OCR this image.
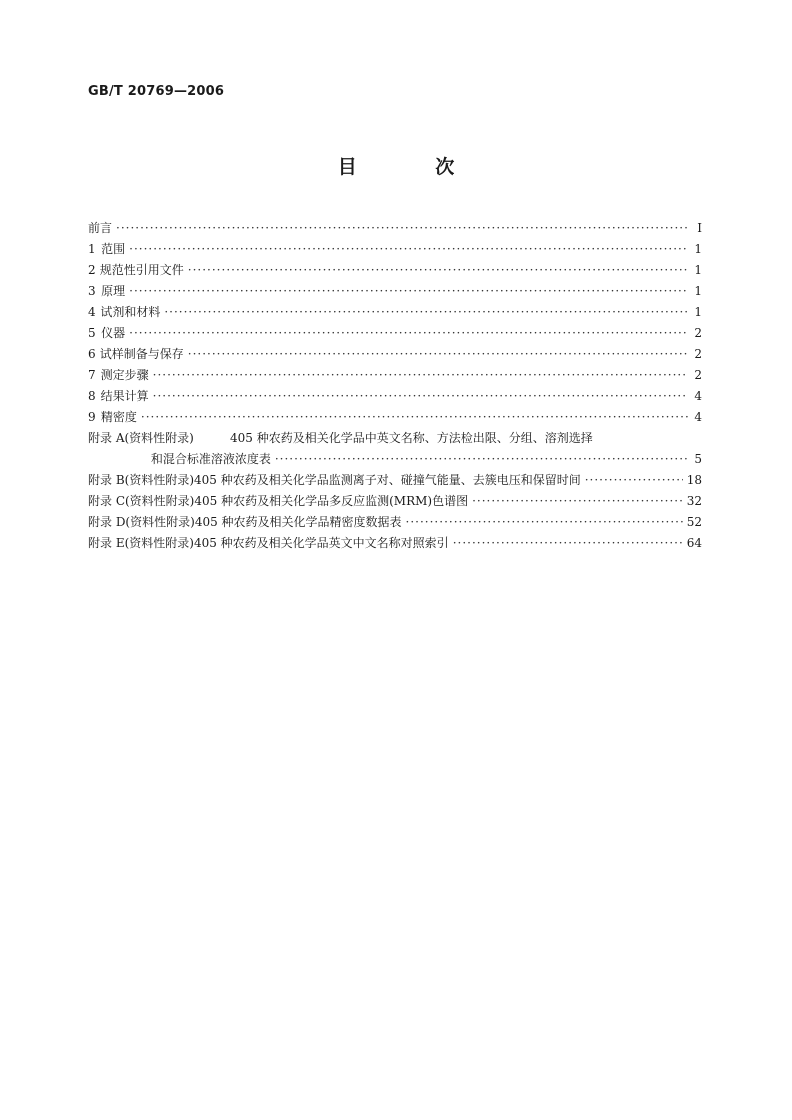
GB/T 20769—2006
目 次
前言 ·····	Ⅰ
1 范围 ·····	1
2 规范性引用文件 ·····	1
3 原理 ·····	1
4 试剂和材料 ·····	1
5 仪器 ·····	2
6 试样制备与保存 ·····	2
7 测定步骤 ·····	2
8 结果计算 ·····	4
9 精密度 ·····	4
附录 A(资料性附录)	405 种农药及相关化学品中英文名称、方法检出限、分组、溶剂选择
和混合标准溶液浓度表 ·····	5
附录 B(资料性附录) 405 种农药及相关化学品监测离子对、碰撞气能量、去簇电压和保留时间 ·····	18
附录 C(资料性附录) 405 种农药及相关化学品多反应监测(MRM)色谱图 ·····	32
附录 D(资料性附录) 405 种农药及相关化学品精密度数据表 ·····	52
附录 E(资料性附录) 405 种农药及相关化学品英文中文名称对照索引 ·····	64
